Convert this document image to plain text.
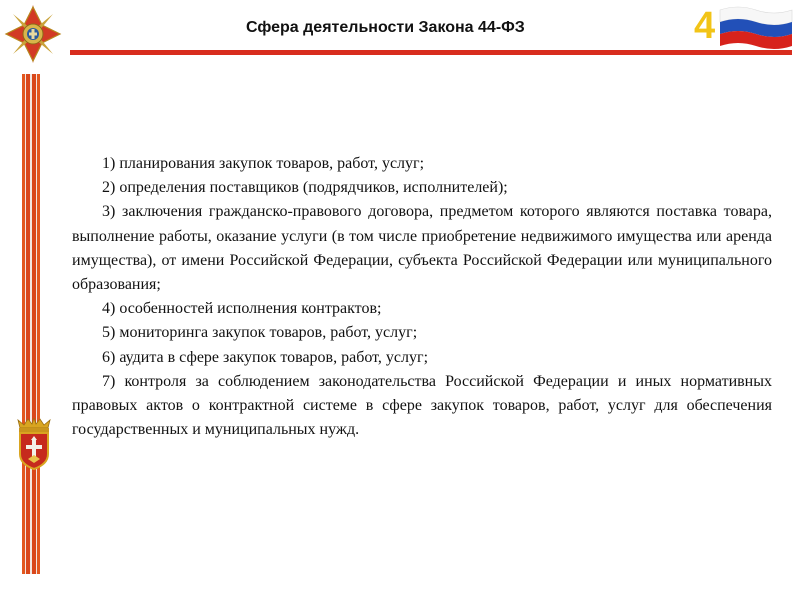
Сфера деятельности Закона 44-ФЗ	4

1) планирования закупок товаров, работ, услуг;

2) определения поставщиков (подрядчиков, исполнителей);

3) заключения гражданско-правового договора, предметом которого являются поставка товара, выполнение работы, оказание услуги (в том числе приобретение недвижимого имущества или аренда имущества), от имени Российской Федерации, субъекта Российской Федерации или муниципального образования;

4) особенностей исполнения контрактов;

5) мониторинга закупок товаров, работ, услуг;

6) аудита в сфере закупок товаров, работ, услуг;

7) контроля за соблюдением законодательства Российской Федерации и иных нормативных правовых актов о контрактной системе в сфере закупок товаров, работ, услуг для обеспечения государственных и муниципальных нужд.
